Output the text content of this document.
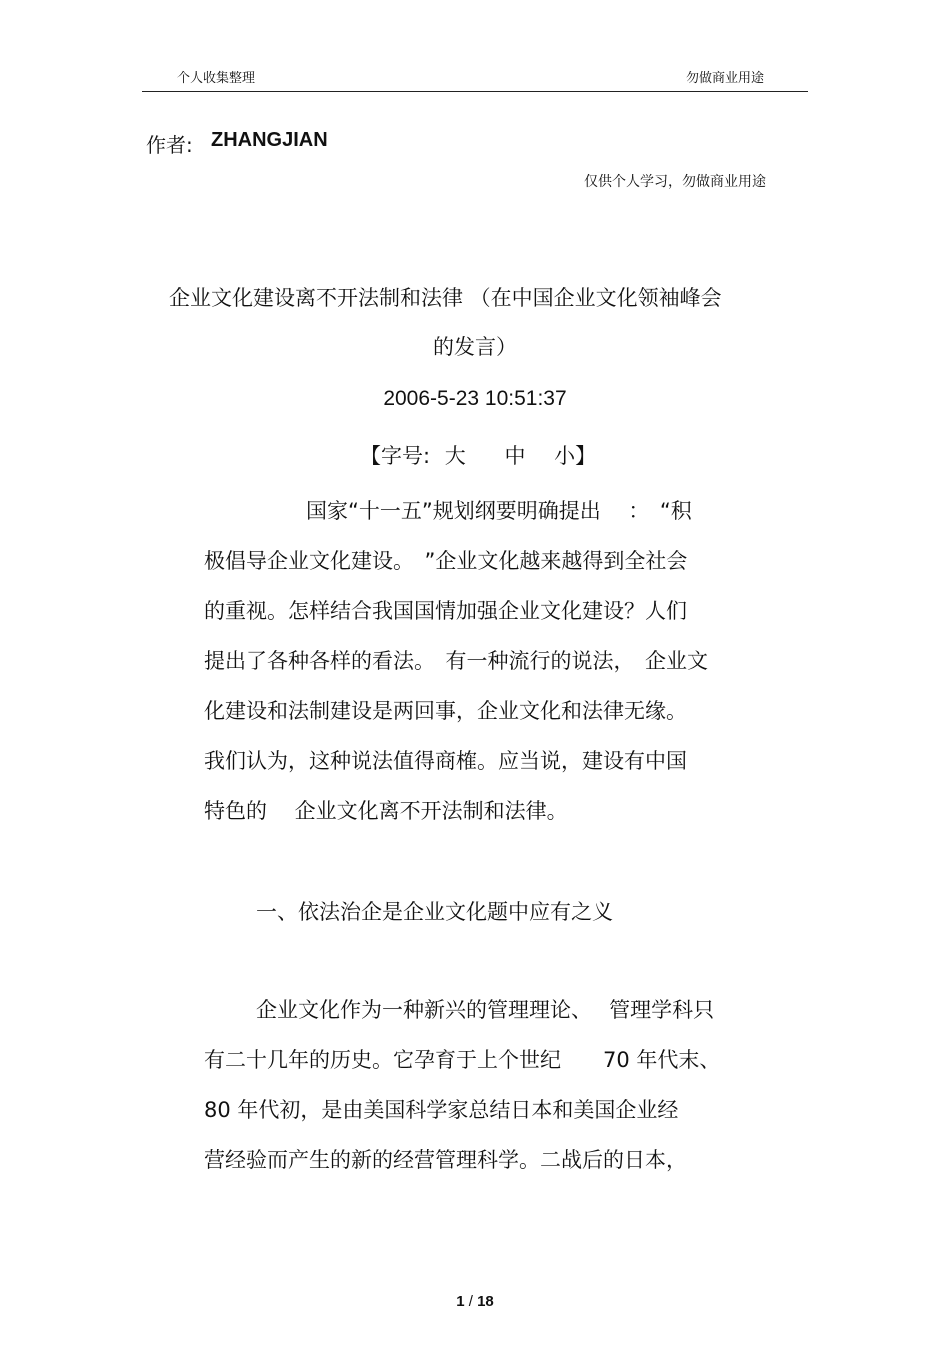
个人收集整理	勿做商业用途
作者: ZHANGJIAN
仅供个人学习，勿做商业用途
企业文化建设离不开法制和法律 （在中国企业文化领袖峰会
的发言）
2006-5-23 10:51:37
【字号: 大 中 小】
国家“十一五”规划纲要明确提出　 ：　“积
极倡导企业文化建设。　”企业文化越来越得到全社会
的重视。怎样结合我国国情加强企业文化建设？人们
提出了各种各样的看法。　有一种流行的说法，　企业文
化建设和法制建设是两回事，企业文化和法律无缘。
我们认为，这种说法值得商榷。应当说，建设有中国
特色的　 企业文化离不开法制和法律。
一、依法治企是企业文化题中应有之义
企业文化作为一种新兴的管理理论、　 管理学科只
有二十几年的历史。它孕育于上个世纪　　70 年代末、
80 年代初，是由美国科学家总结日本和美国企业经
营经验而产生的新的经营管理科学。二战后的日本，
1 / 18
